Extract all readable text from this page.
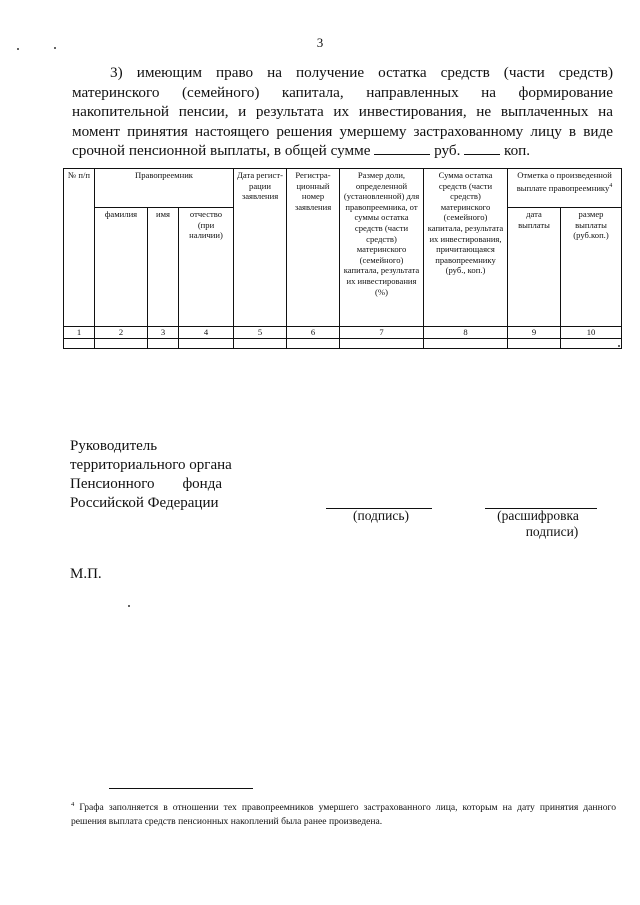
3
3) имеющим право на получение остатка средств (части средств)
материнского (семейного) капитала, направленных на формирование
накопительной пенсии, и результата их инвестирования, не выплаченных на
момент принятия настоящего решения умершему застрахованному лицу в виде
срочной пенсионной выплаты, в общей сумме	руб.	коп.
№ п/п	Правопреемник			Дата регист-рации заявления	Регистра-ционный номер заявления	Размер доли, определенной (установленной) для правопреемника, от суммы остатка средств (части средств) материнского (семейного) капитала, результата их инвестирования (%)	Сумма остатка средств (части средств) материнского (семейного) капитала, результата их инвестирования, причитающаяся правопреемнику (руб., коп.)	Отметка о произведенной выплате правопреемнику$^4$
	фамилия	имя	отчество (при наличии)					дата выплаты	размер выплаты (руб.коп.)
1	2	3	4	5	6	7	8	9	10

Руководитель
территориального органа
Пенсионного фонда
Российской Федерации
(подпись)	(расшифровка
подписи)
М.П.
$^4$ Графа заполняется в отношении тех правопреемников умершего застрахованного лица, которым на дату принятия данного решения выплата средств пенсионных накоплений была ранее произведена.
